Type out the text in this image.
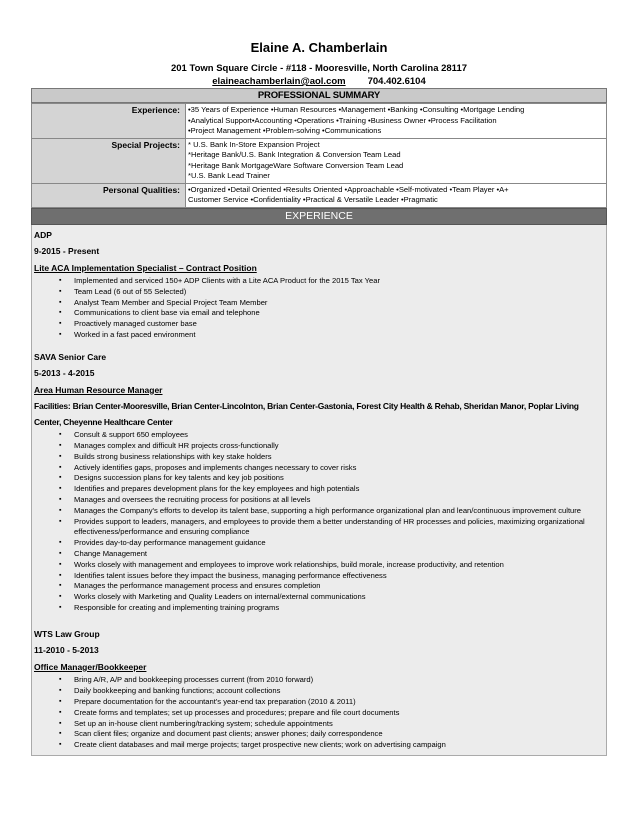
Elaine A. Chamberlain
201 Town Square Circle - #118 - Mooresville, North Carolina 28117
elaineachamberlain@aol.com 704.402.6104
PROFESSIONAL SUMMARY
Experience:	•35 Years of Experience •Human Resources •Management •Banking •Consulting •Mortgage Lending
•Analytical Support•Accounting •Operations •Training •Business Owner •Process Facilitation
•Project Management •Problem-solving •Communications

Special Projects:	* U.S. Bank In-Store Expansion Project
*Heritage Bank/U.S. Bank Integration & Conversion Team Lead
*Heritage Bank MortgageWare Software Conversion Team Lead
*U.S. Bank Lead Trainer

Personal Qualities:	•Organized •Detail Oriented •Results Oriented •Approachable •Self-motivated •Team Player •A+
Customer Service •Confidentiality •Practical & Versatile Leader •Pragmatic
EXPERIENCE
ADP
9-2015 - Present
Lite ACA Implementation Specialist – Contract Position
▪ Implemented and serviced 150+ ADP Clients with a Lite ACA Product for the 2015 Tax Year
▪ Team Lead (6 out of 55 Selected)
▪ Analyst Team Member and Special Project Team Member
▪ Communications to client base via email and telephone
▪ Proactively managed customer base
▪ Worked in a fast paced environment
SAVA Senior Care
5-2013 - 4-2015
Area Human Resource Manager
Facilities: Brian Center-Mooresville, Brian Center-Lincolnton, Brian Center-Gastonia, Forest City Health & Rehab, Sheridan Manor, Poplar Living Center, Cheyenne Healthcare Center
▪ Consult & support 650 employees
▪ Manages complex and difficult HR projects cross-functionally
▪ Builds strong business relationships with key stake holders
▪ Actively identifies gaps, proposes and implements changes necessary to cover risks
▪ Designs succession plans for key talents and key job positions
▪ Identifies and prepares development plans for the key employees and high potentials
▪ Manages and oversees the recruiting process for positions at all levels
▪ Manages the Company's efforts to develop its talent base, supporting a high performance organizational plan and lean/continuous improvement culture
▪ Provides support to leaders, managers, and employees to provide them a better understanding of HR processes and policies, maximizing organizational effectiveness/performance and ensuring compliance
▪ Provides day-to-day performance management guidance
▪ Change Management
▪ Works closely with management and employees to improve work relationships, build morale, increase productivity, and retention
▪ Identifies talent issues before they impact the business, managing performance effectiveness
▪ Manages the performance management process and ensures completion
▪ Works closely with Marketing and Quality Leaders on internal/external communications
▪ Responsible for creating and implementing training programs
WTS Law Group
11-2010 - 5-2013
Office Manager/Bookkeeper
▪ Bring A/R, A/P and bookkeeping processes current (from 2010 forward)
▪ Daily bookkeeping and banking functions; account collections
▪ Prepare documentation for the accountant's year-end tax preparation (2010 & 2011)
▪ Create forms and templates; set up processes and procedures; prepare and file court documents
▪ Set up an in-house client numbering/tracking system; schedule appointments
▪ Scan client files; organize and document past clients; answer phones; daily correspondence
▪ Create client databases and mail merge projects; target prospective new clients; work on advertising campaign
